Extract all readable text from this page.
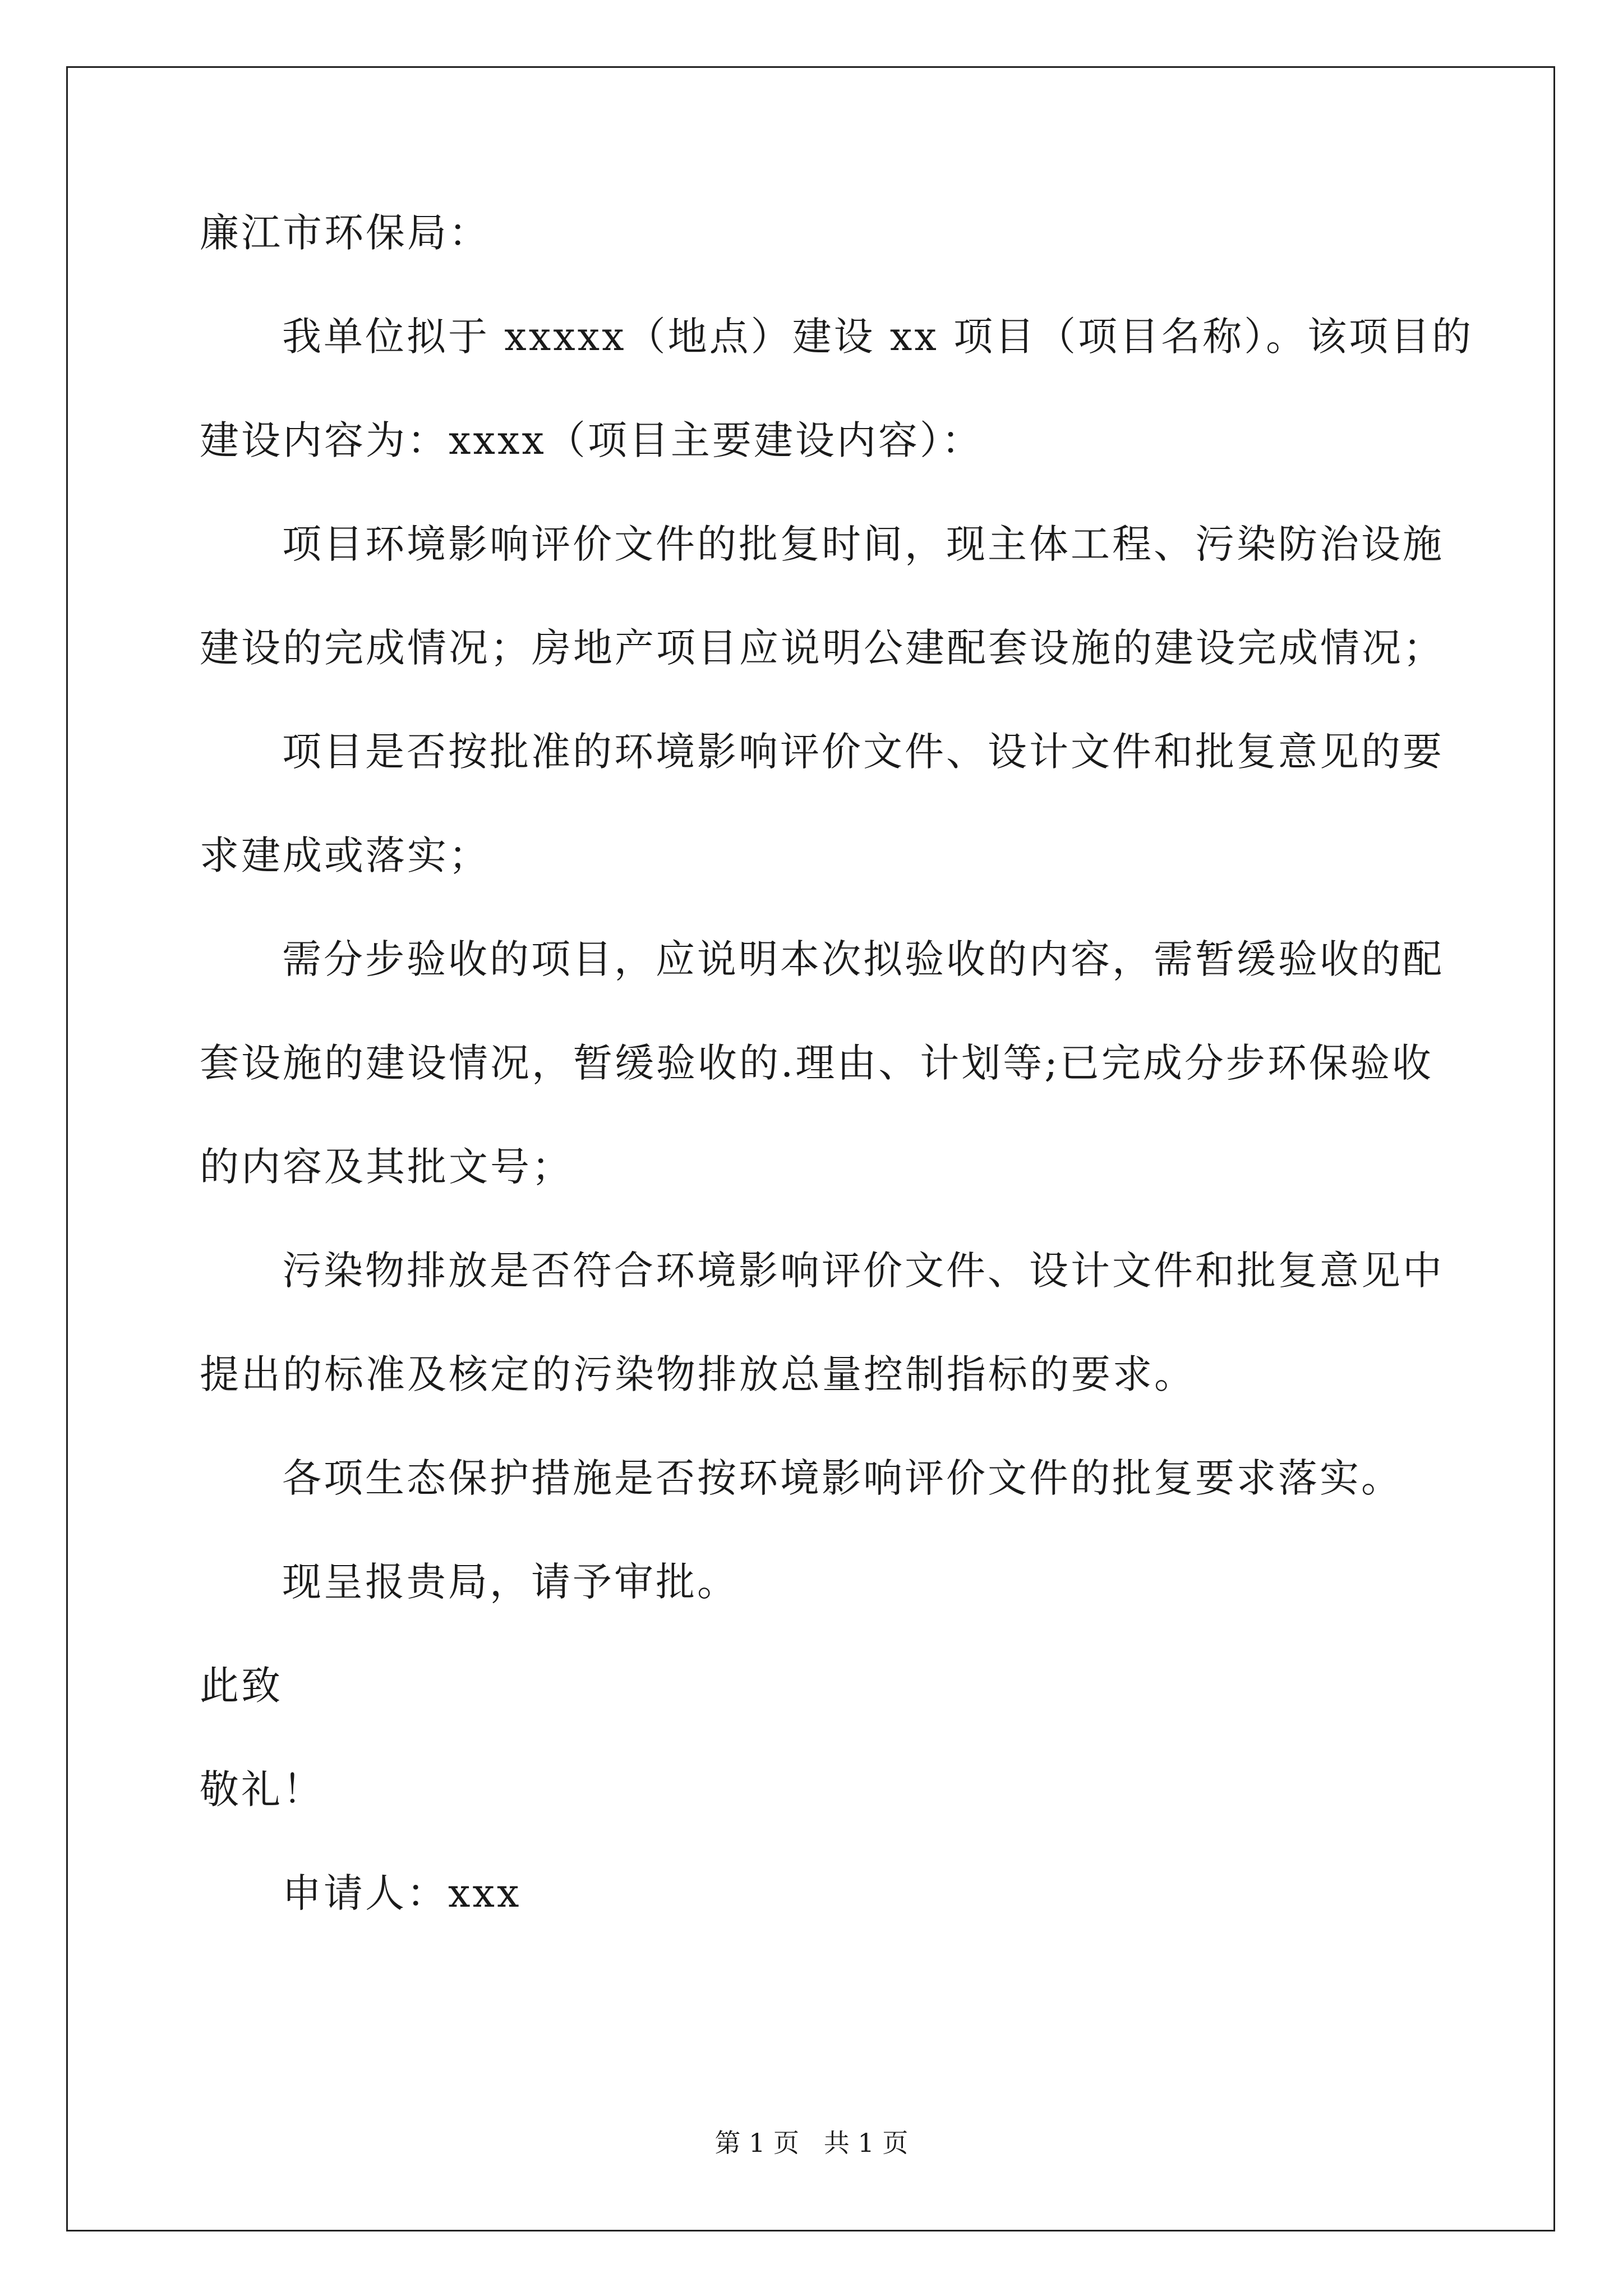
廉江市环保局：

我单位拟于 xxxxx（地点）建设 xx 项目（项目名称）。该项目的

建设内容为：xxxx（项目主要建设内容）：

项目环境影响评价文件的批复时间，现主体工程、污染防治设施

建设的完成情况；房地产项目应说明公建配套设施的建设完成情况；

项目是否按批准的环境影响评价文件、设计文件和批复意见的要

求建成或落实；

需分步验收的项目，应说明本次拟验收的内容，需暂缓验收的配

套设施的建设情况，暂缓验收的.理由、计划等;已完成分步环保验收

的内容及其批文号；

污染物排放是否符合环境影响评价文件、设计文件和批复意见中

提出的标准及核定的污染物排放总量控制指标的要求。

各项生态保护措施是否按环境影响评价文件的批复要求落实。

现呈报贵局，请予审批。

此致

敬礼！

申请人：xxx

第 1 页   共 1 页
